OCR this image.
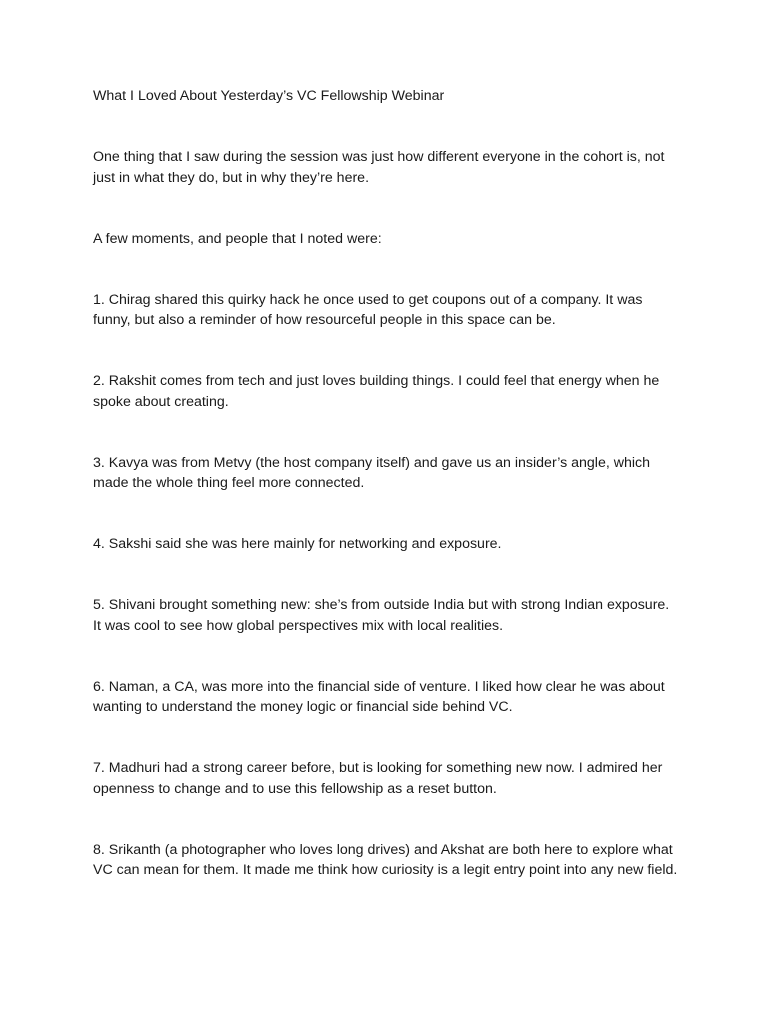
What I Loved About Yesterday’s VC Fellowship Webinar

One thing that I saw during the session was just how different everyone in the cohort is, not just in what they do, but in why they’re here.

A few moments, and people that I noted were:

1. Chirag shared this quirky hack he once used to get coupons out of a company. It was funny, but also a reminder of how resourceful people in this space can be.

2. Rakshit comes from tech and just loves building things. I could feel that energy when he spoke about creating.

3. Kavya was from Metvy (the host company itself) and gave us an insider’s angle, which made the whole thing feel more connected.

4. Sakshi said she was here mainly for networking and exposure.

5. Shivani brought something new: she’s from outside India but with strong Indian exposure. It was cool to see how global perspectives mix with local realities.

6. Naman, a CA, was more into the financial side of venture. I liked how clear he was about wanting to understand the money logic or financial side behind VC.

7. Madhuri had a strong career before, but is looking for something new now. I admired her openness to change and to use this fellowship as a reset button.

8. Srikanth (a photographer who loves long drives) and Akshat are both here to explore what VC can mean for them. It made me think how curiosity is a legit entry point into any new field.
